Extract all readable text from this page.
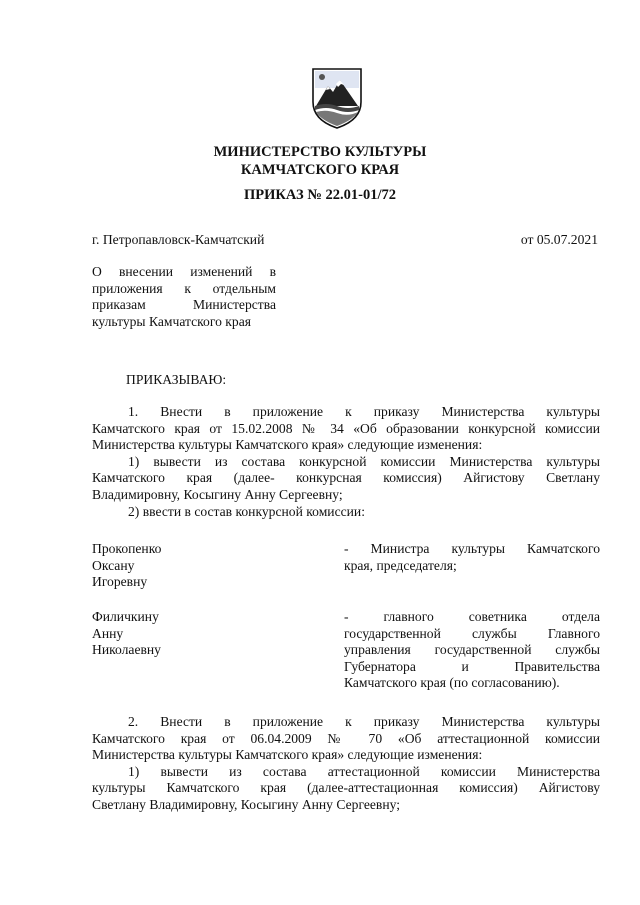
МИНИСТЕРСТВО КУЛЬТУРЫ
КАМЧАТСКОГО КРАЯ
ПРИКАЗ № 22.01-01/72
г. Петропавловск-Камчатский	от 05.07.2021
О внесении изменений в
приложения к отдельным
приказам Министерства
культуры Камчатского края
ПРИКАЗЫВАЮ:
1. Внести в приложение к приказу Министерства культуры
Камчатского края от 15.02.2008 № 34 «Об образовании конкурсной комиссии
Министерства культуры Камчатского края» следующие изменения:
1) вывести из состава конкурсной комиссии Министерства культуры
Камчатского края (далее- конкурсная комиссия) Айгистову Светлану
Владимировну, Косыгину Анну Сергеевну;
2) ввести в состав конкурсной комиссии:
Прокопенко
Оксану
Игоревну
- Министра культуры Камчатского
края, председателя;
Филичкину
Анну
Николаевну
- главного советника отдела
государственной службы Главного
управления государственной службы
Губернатора и Правительства
Камчатского края (по согласованию).
2. Внести в приложение к приказу Министерства культуры
Камчатского края от 06.04.2009 № 70 «Об аттестационной комиссии
Министерства культуры Камчатского края» следующие изменения:
1) вывести из состава аттестационной комиссии Министерства
культуры Камчатского края (далее-аттестационная комиссия) Айгистову
Светлану Владимировну, Косыгину Анну Сергеевну;
